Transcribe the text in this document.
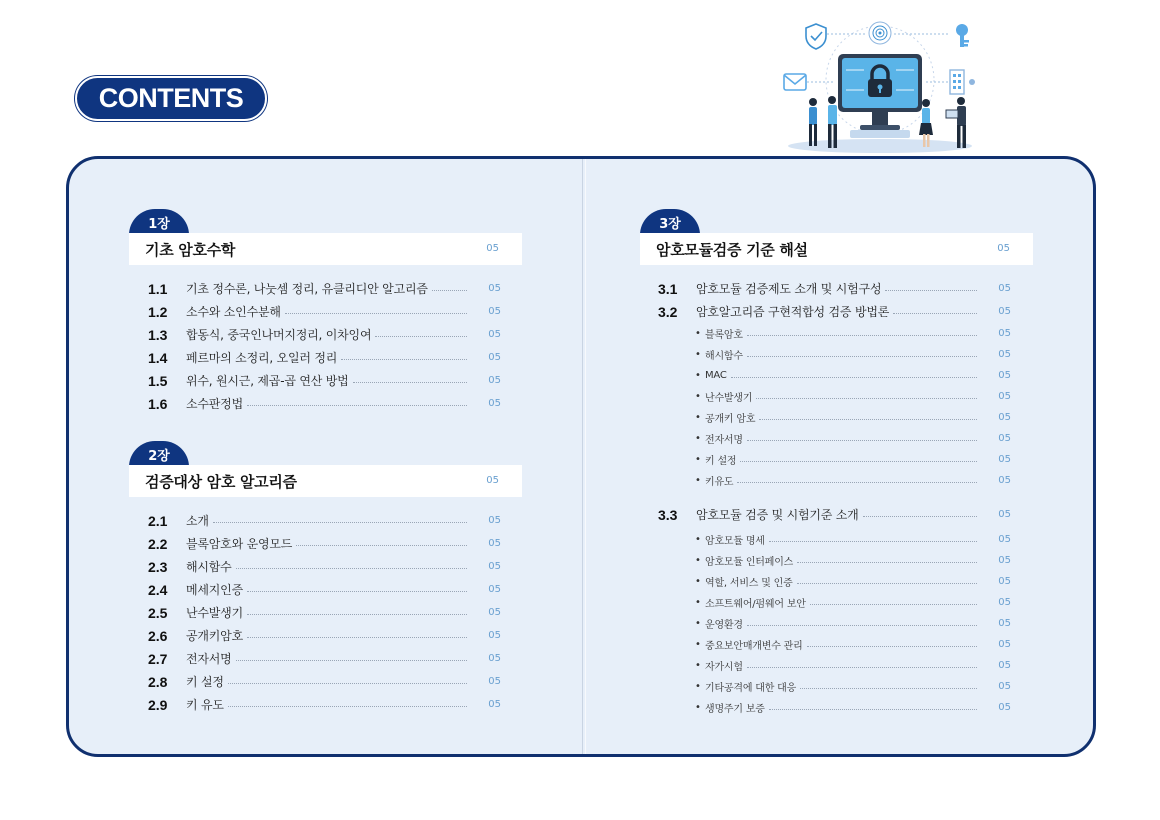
CONTENTS
1장
기초 암호수학	05
1.1	기초 정수론, 나눗셈 정리, 유클리디안 알고리즘	05
1.2	소수와 소인수분해	05
1.3	합동식, 중국인나머지정리, 이차잉여	05
1.4	페르마의 소정리, 오일러 정리	05
1.5	위수, 원시근, 제곱-곱 연산 방법	05
1.6	소수판정법	05
2장
검증대상 암호 알고리즘	05
2.1	소개	05
2.2	블록암호와 운영모드	05
2.3	해시함수	05
2.4	메세지인증	05
2.5	난수발생기	05
2.6	공개키암호	05
2.7	전자서명	05
2.8	키 설정	05
2.9	키 유도	05
3장
암호모듈검증 기준 해설	05
3.1	암호모듈 검증제도 소개 및 시험구성	05
3.2	암호알고리즘 구현적합성 검증 방법론	05
• 블록암호	05
• 해시함수	05
• MAC	05
• 난수발생기	05
• 공개키 암호	05
• 전자서명	05
• 키 설정	05
• 키유도	05
3.3	암호모듈 검증 및 시험기준 소개	05
• 암호모듈 명세	05
• 암호모듈 인터페이스	05
• 역할, 서비스 및 인증	05
• 소프트웨어/펌웨어 보안	05
• 운영환경	05
• 중요보안매개변수 관리	05
• 자가시험	05
• 기타공격에 대한 대응	05
• 생명주기 보증	05
